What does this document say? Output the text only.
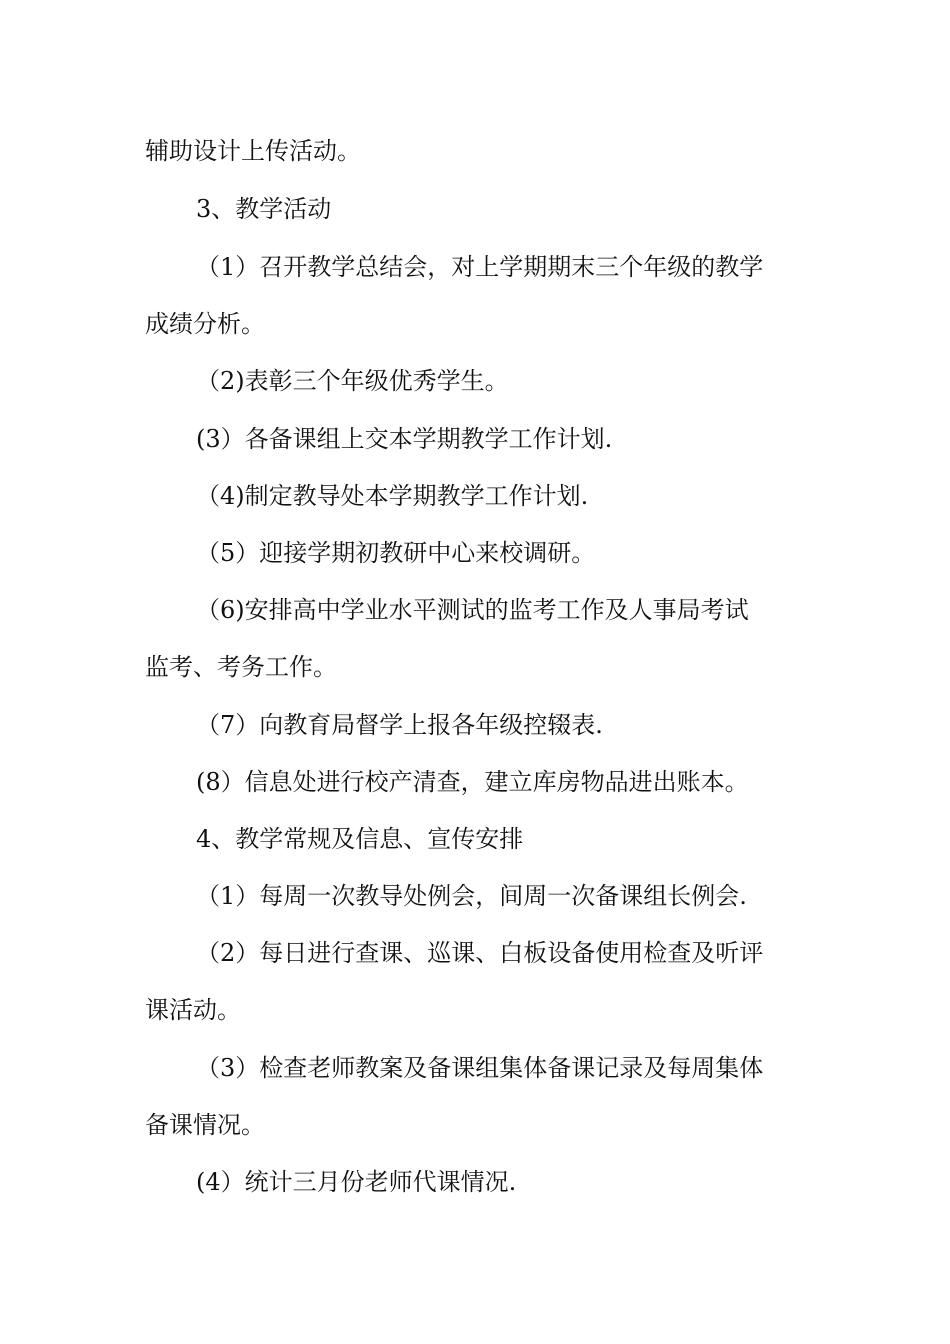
辅助设计上传活动。

3、教学活动

（1）召开教学总结会，对上学期期末三个年级的教学

成绩分析。

（2)表彰三个年级优秀学生。

(3）各备课组上交本学期教学工作计划.

（4)制定教导处本学期教学工作计划.

（5）迎接学期初教研中心来校调研。

（6)安排高中学业水平测试的监考工作及人事局考试

监考、考务工作。

（7）向教育局督学上报各年级控辍表.

(8）信息处进行校产清查，建立库房物品进出账本。

4、教学常规及信息、宣传安排

（1）每周一次教导处例会，间周一次备课组长例会.

（2）每日进行查课、巡课、白板设备使用检查及听评

课活动。

（3）检查老师教案及备课组集体备课记录及每周集体

备课情况。

(4）统计三月份老师代课情况.
